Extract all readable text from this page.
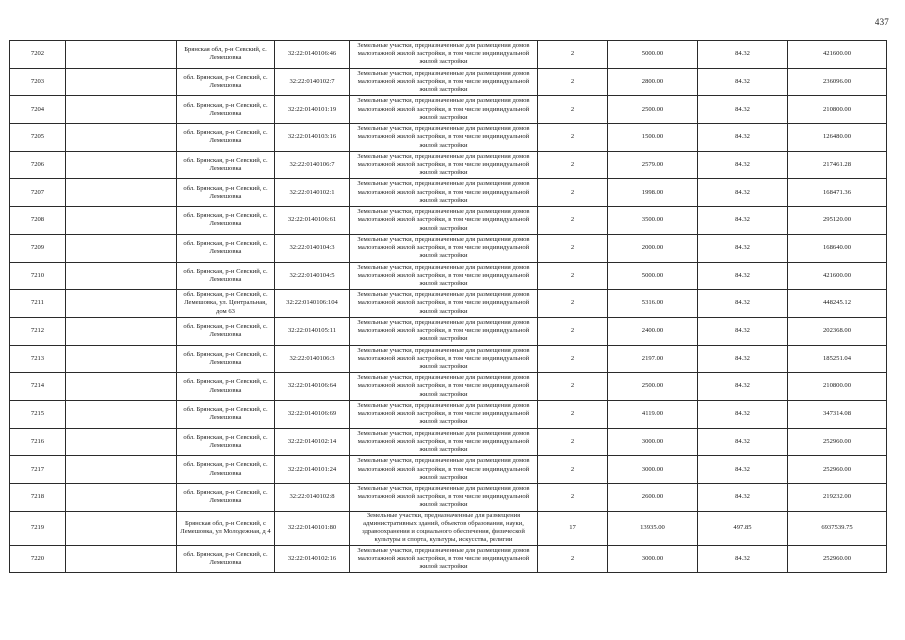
437
7202		Брянская обл, р-н Севский, с. Лемешовка	32:22:0140106:46	Земельные участки, предназначенные для размещения домов малоэтажной жилой застройки, в том числе индивидуальной жилой застройки	2	5000.00	84.32	421600.00
7203		обл. Брянская, р-н Севский, с. Лемешовка	32:22:0140102:7	Земельные участки, предназначенные для размещения домов малоэтажной жилой застройки, в том числе индивидуальной жилой застройки	2	2800.00	84.32	236096.00
7204		обл. Брянская, р-н Севский, с. Лемешовка	32:22:0140101:19	Земельные участки, предназначенные для размещения домов малоэтажной жилой застройки, в том числе индивидуальной жилой застройки	2	2500.00	84.32	210800.00
7205		обл. Брянская, р-н Севский, с. Лемешовка	32:22:0140103:16	Земельные участки, предназначенные для размещения домов малоэтажной жилой застройки, в том числе индивидуальной жилой застройки	2	1500.00	84.32	126480.00
7206		обл. Брянская, р-н Севский, с. Лемешовка	32:22:0140106:7	Земельные участки, предназначенные для размещения домов малоэтажной жилой застройки, в том числе индивидуальной жилой застройки	2	2579.00	84.32	217461.28
7207		обл. Брянская, р-н Севский, с. Лемешовка	32:22:0140102:1	Земельные участки, предназначенные для размещения домов малоэтажной жилой застройки, в том числе индивидуальной жилой застройки	2	1998.00	84.32	168471.36
7208		обл. Брянская, р-н Севский, с. Лемешовка	32:22:0140106:61	Земельные участки, предназначенные для размещения домов малоэтажной жилой застройки, в том числе индивидуальной жилой застройки	2	3500.00	84.32	295120.00
7209		обл. Брянская, р-н Севский, с. Лемешовка	32:22:0140104:3	Земельные участки, предназначенные для размещения домов малоэтажной жилой застройки, в том числе индивидуальной жилой застройки	2	2000.00	84.32	168640.00
7210		обл. Брянская, р-н Севский, с. Лемешовка	32:22:0140104:5	Земельные участки, предназначенные для размещения домов малоэтажной жилой застройки, в том числе индивидуальной жилой застройки	2	5000.00	84.32	421600.00
7211		обл. Брянская, р-н Севский, с. Лемешовка, ул. Центральная, дом 63	32:22:0140106:104	Земельные участки, предназначенные для размещения домов малоэтажной жилой застройки, в том числе индивидуальной жилой застройки	2	5316.00	84.32	448245.12
7212		обл. Брянская, р-н Севский, с. Лемешовка	32:22:0140105:11	Земельные участки, предназначенные для размещения домов малоэтажной жилой застройки, в том числе индивидуальной жилой застройки	2	2400.00	84.32	202368.00
7213		обл. Брянская, р-н Севский, с. Лемешовка	32:22:0140106:3	Земельные участки, предназначенные для размещения домов малоэтажной жилой застройки, в том числе индивидуальной жилой застройки	2	2197.00	84.32	185251.04
7214		обл. Брянская, р-н Севский, с. Лемешовка	32:22:0140106:64	Земельные участки, предназначенные для размещения домов малоэтажной жилой застройки, в том числе индивидуальной жилой застройки	2	2500.00	84.32	210800.00
7215		обл. Брянская, р-н Севский, с. Лемешовка	32:22:0140106:69	Земельные участки, предназначенные для размещения домов малоэтажной жилой застройки, в том числе индивидуальной жилой застройки	2	4119.00	84.32	347314.08
7216		обл. Брянская, р-н Севский, с. Лемешовка	32:22:0140102:14	Земельные участки, предназначенные для размещения домов малоэтажной жилой застройки, в том числе индивидуальной жилой застройки	2	3000.00	84.32	252960.00
7217		обл. Брянская, р-н Севский, с. Лемешовка	32:22:0140101:24	Земельные участки, предназначенные для размещения домов малоэтажной жилой застройки, в том числе индивидуальной жилой застройки	2	3000.00	84.32	252960.00
7218		обл. Брянская, р-н Севский, с. Лемешовка	32:22:0140102:8	Земельные участки, предназначенные для размещения домов малоэтажной жилой застройки, в том числе индивидуальной жилой застройки	2	2600.00	84.32	219232.00
7219		Брянская обл, р-н Севский, с Лемешовка, ул Молодежная, д 4	32:22:0140101:80	Земельные участки, предназначенные для размещения административных зданий, объектов образования, науки, здравоохранения и социального обеспечения, физической культуры и спорта, культуры, искусства, религии	17	13935.00	497.85	6937539.75
7220		обл. Брянская, р-н Севский, с. Лемешовка	32:22:0140102:16	Земельные участки, предназначенные для размещения домов малоэтажной жилой застройки, в том числе индивидуальной жилой застройки	2	3000.00	84.32	252960.00
